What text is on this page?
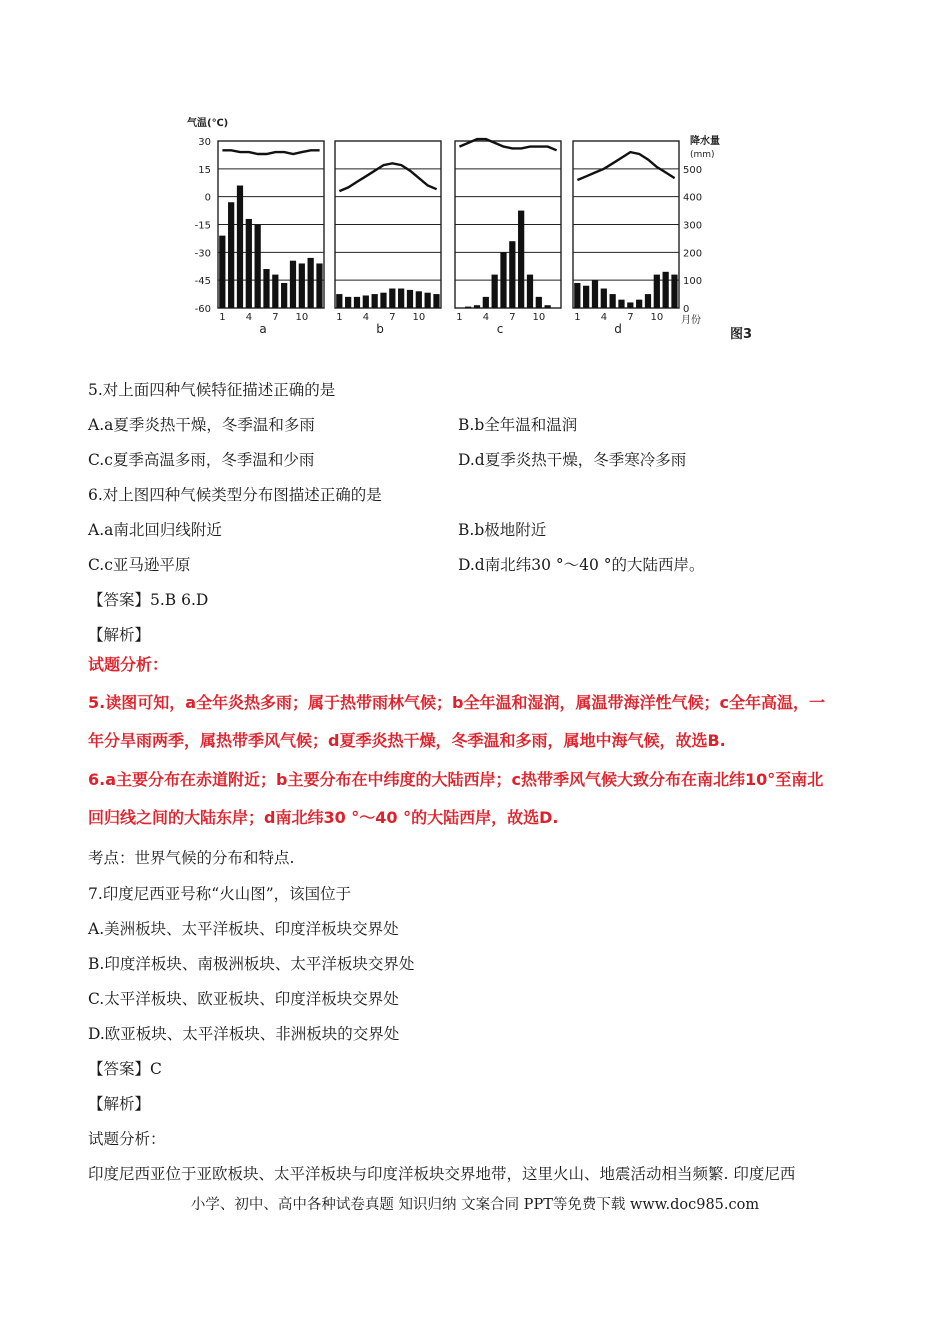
气温(℃)
降水量
(mm)
月份
图3
30
15
0
-15
-30
-45
-60
500
400
300
200
100
0
1 4 7 10
a
1 4 7 10
b
1 4 7 10
c
1 4 7 10
d
5.对上面四种气候特征描述正确的是
A.a夏季炎热干燥，冬季温和多雨	B.b全年温和温润
C.c夏季高温多雨，冬季温和少雨	D.d夏季炎热干燥，冬季寒冷多雨
6.对上图四种气候类型分布图描述正确的是
A.a南北回归线附近	B.b极地附近
C.c亚马逊平原	D.d南北纬30 °～40 °的大陆西岸。
【答案】5.B 6.D
【解析】
试题分析：
5.读图可知，a全年炎热多雨；属于热带雨林气候；b全年温和湿润，属温带海洋性气候；c全年高温，一
年分旱雨两季，属热带季风气候；d夏季炎热干燥，冬季温和多雨，属地中海气候，故选B.
6.a主要分布在赤道附近；b主要分布在中纬度的大陆西岸；c热带季风气候大致分布在南北纬10°至南北
回归线之间的大陆东岸；d南北纬30 °～40 °的大陆西岸，故选D.
考点：世界气候的分布和特点.
7.印度尼西亚号称“火山图”，该国位于
A.美洲板块、太平洋板块、印度洋板块交界处
B.印度洋板块、南极洲板块、太平洋板块交界处
C.太平洋板块、欧亚板块、印度洋板块交界处
D.欧亚板块、太平洋板块、非洲板块的交界处
【答案】C
【解析】
试题分析：
印度尼西亚位于亚欧板块、太平洋板块与印度洋板块交界地带，这里火山、地震活动相当频繁. 印度尼西
小学、初中、高中各种试卷真题 知识归纳 文案合同 PPT等免费下载 www.doc985.com
